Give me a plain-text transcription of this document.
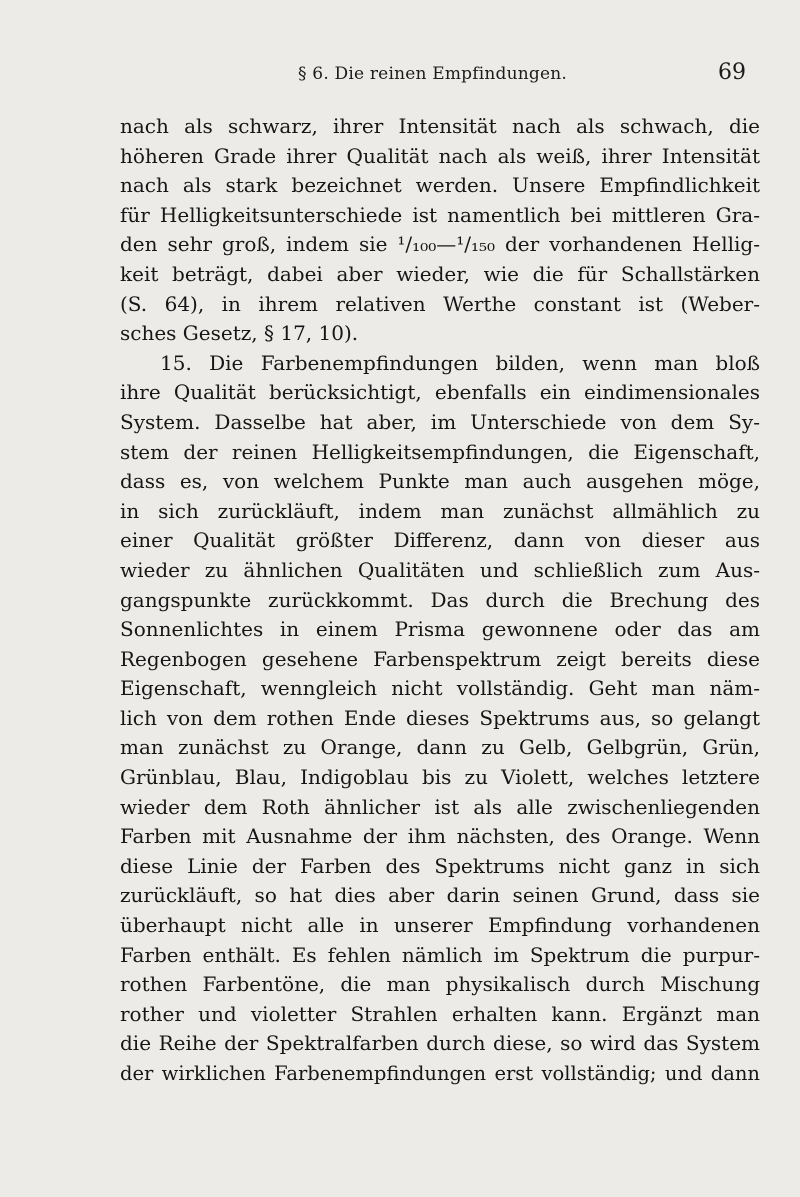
§ 6. Die reinen Empfindungen.	69
nach als schwarz, ihrer Intensität nach als schwach, die
höheren Grade ihrer Qualität nach als weiß, ihrer Intensität
nach als stark bezeichnet werden. Unsere Empfindlichkeit
für Helligkeitsunterschiede ist namentlich bei mittleren Gra-
den sehr groß, indem sie ¹/₁₀₀—¹/₁₅₀ der vorhandenen Hellig-
keit beträgt, dabei aber wieder, wie die für Schallstärken
(S. 64), in ihrem relativen Werthe constant ist (Weber-
sches Gesetz, § 17, 10).
15. Die Farbenempfindungen bilden, wenn man bloß
ihre Qualität berücksichtigt, ebenfalls ein eindimensionales
System. Dasselbe hat aber, im Unterschiede von dem Sy-
stem der reinen Helligkeitsempfindungen, die Eigenschaft,
dass es, von welchem Punkte man auch ausgehen möge,
in sich zurückläuft, indem man zunächst allmählich zu
einer Qualität größter Differenz, dann von dieser aus
wieder zu ähnlichen Qualitäten und schließlich zum Aus-
gangspunkte zurückkommt. Das durch die Brechung des
Sonnenlichtes in einem Prisma gewonnene oder das am
Regenbogen gesehene Farbenspektrum zeigt bereits diese
Eigenschaft, wenngleich nicht vollständig. Geht man näm-
lich von dem rothen Ende dieses Spektrums aus, so gelangt
man zunächst zu Orange, dann zu Gelb, Gelbgrün, Grün,
Grünblau, Blau, Indigoblau bis zu Violett, welches letztere
wieder dem Roth ähnlicher ist als alle zwischenliegenden
Farben mit Ausnahme der ihm nächsten, des Orange. Wenn
diese Linie der Farben des Spektrums nicht ganz in sich
zurückläuft, so hat dies aber darin seinen Grund, dass sie
überhaupt nicht alle in unserer Empfindung vorhandenen
Farben enthält. Es fehlen nämlich im Spektrum die purpur-
rothen Farbentöne, die man physikalisch durch Mischung
rother und violetter Strahlen erhalten kann. Ergänzt man
die Reihe der Spektralfarben durch diese, so wird das System
der wirklichen Farbenempfindungen erst vollständig; und dann
